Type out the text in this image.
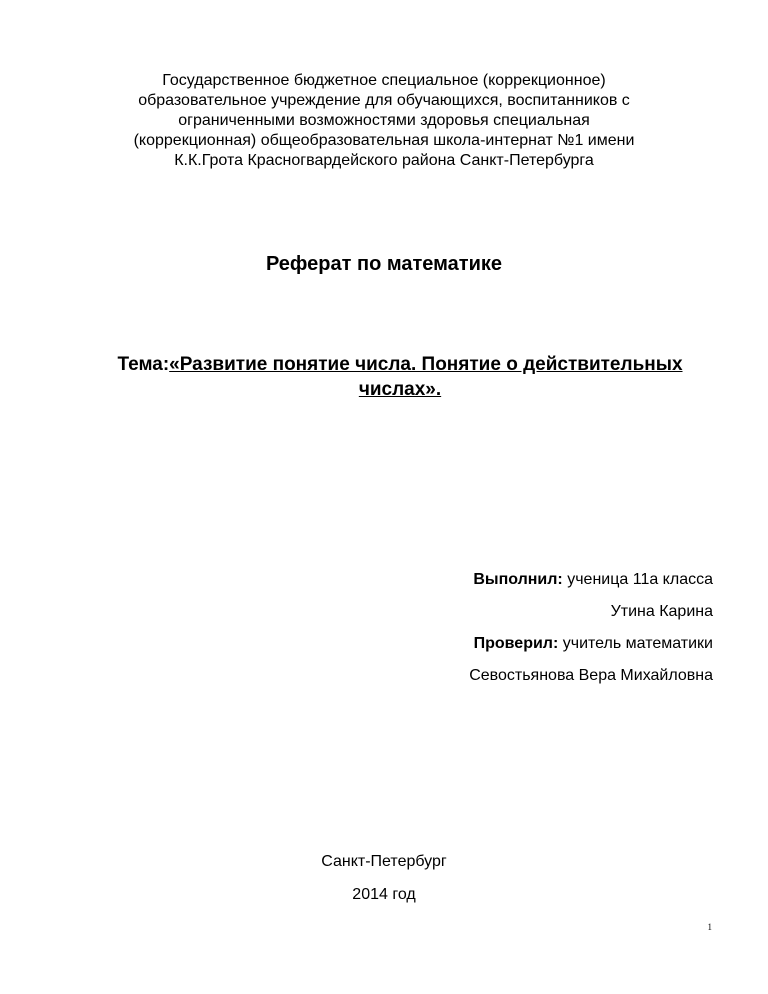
Государственное бюджетное специальное (коррекционное)
образовательное учреждение для обучающихся, воспитанников с
ограниченными возможностями здоровья специальная
(коррекционная) общеобразовательная школа-интернат №1 имени
К.К.Грота Красногвардейского района Санкт-Петербурга
Реферат по математике
Тема:«Развитие понятие числа. Понятие о действительных
числах».
Выполнил: ученица 11а класса
Утина Карина
Проверил: учитель математики
Севостьянова Вера Михайловна
Санкт-Петербург
2014 год
1
